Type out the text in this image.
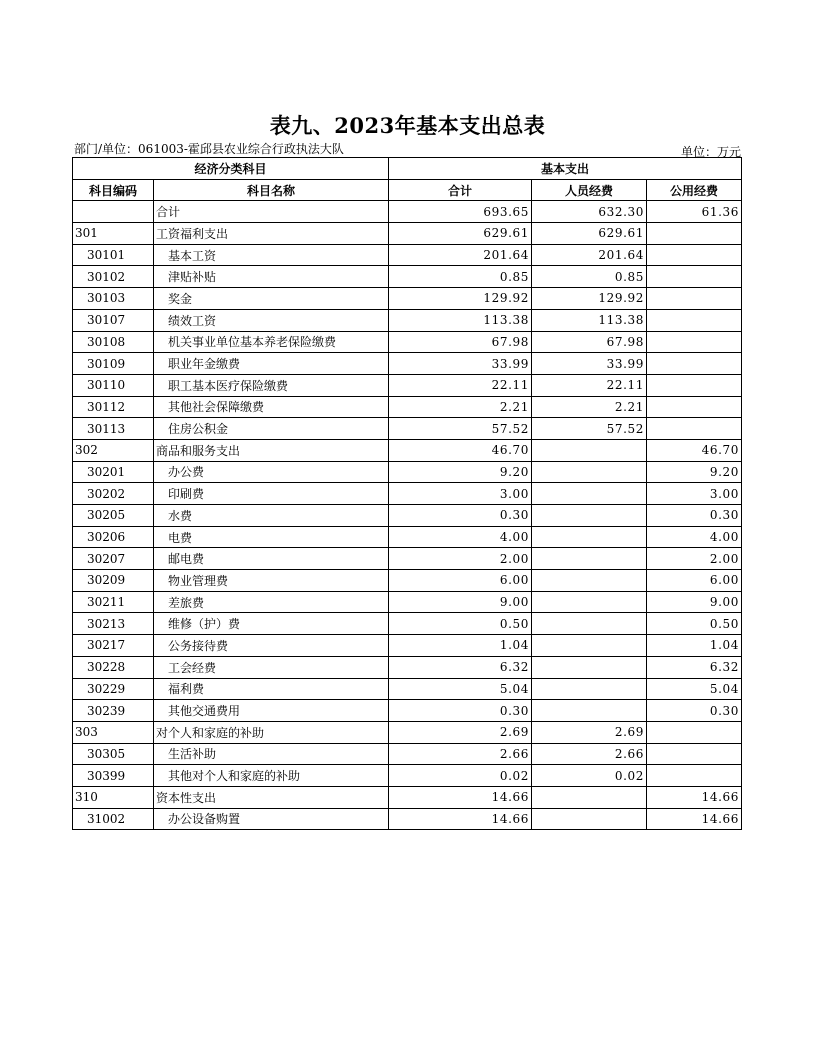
表九、2023年基本支出总表
部门/单位：061003-霍邱县农业综合行政执法大队	单位：万元
经济分类科目		基本支出		
科目编码	科目名称	合计	人员经费	公用经费
	合计	693.65	632.30	61.36
301	工资福利支出	629.61	629.61	
30101	基本工资	201.64	201.64	
30102	津贴补贴	0.85	0.85	
30103	奖金	129.92	129.92	
30107	绩效工资	113.38	113.38	
30108	机关事业单位基本养老保险缴费	67.98	67.98	
30109	职业年金缴费	33.99	33.99	
30110	职工基本医疗保险缴费	22.11	22.11	
30112	其他社会保障缴费	2.21	2.21	
30113	住房公积金	57.52	57.52	
302	商品和服务支出	46.70		46.70
30201	办公费	9.20		9.20
30202	印刷费	3.00		3.00
30205	水费	0.30		0.30
30206	电费	4.00		4.00
30207	邮电费	2.00		2.00
30209	物业管理费	6.00		6.00
30211	差旅费	9.00		9.00
30213	维修（护）费	0.50		0.50
30217	公务接待费	1.04		1.04
30228	工会经费	6.32		6.32
30229	福利费	5.04		5.04
30239	其他交通费用	0.30		0.30
303	对个人和家庭的补助	2.69	2.69	
30305	生活补助	2.66	2.66	
30399	其他对个人和家庭的补助	0.02	0.02	
310	资本性支出	14.66		14.66
31002	办公设备购置	14.66		14.66
